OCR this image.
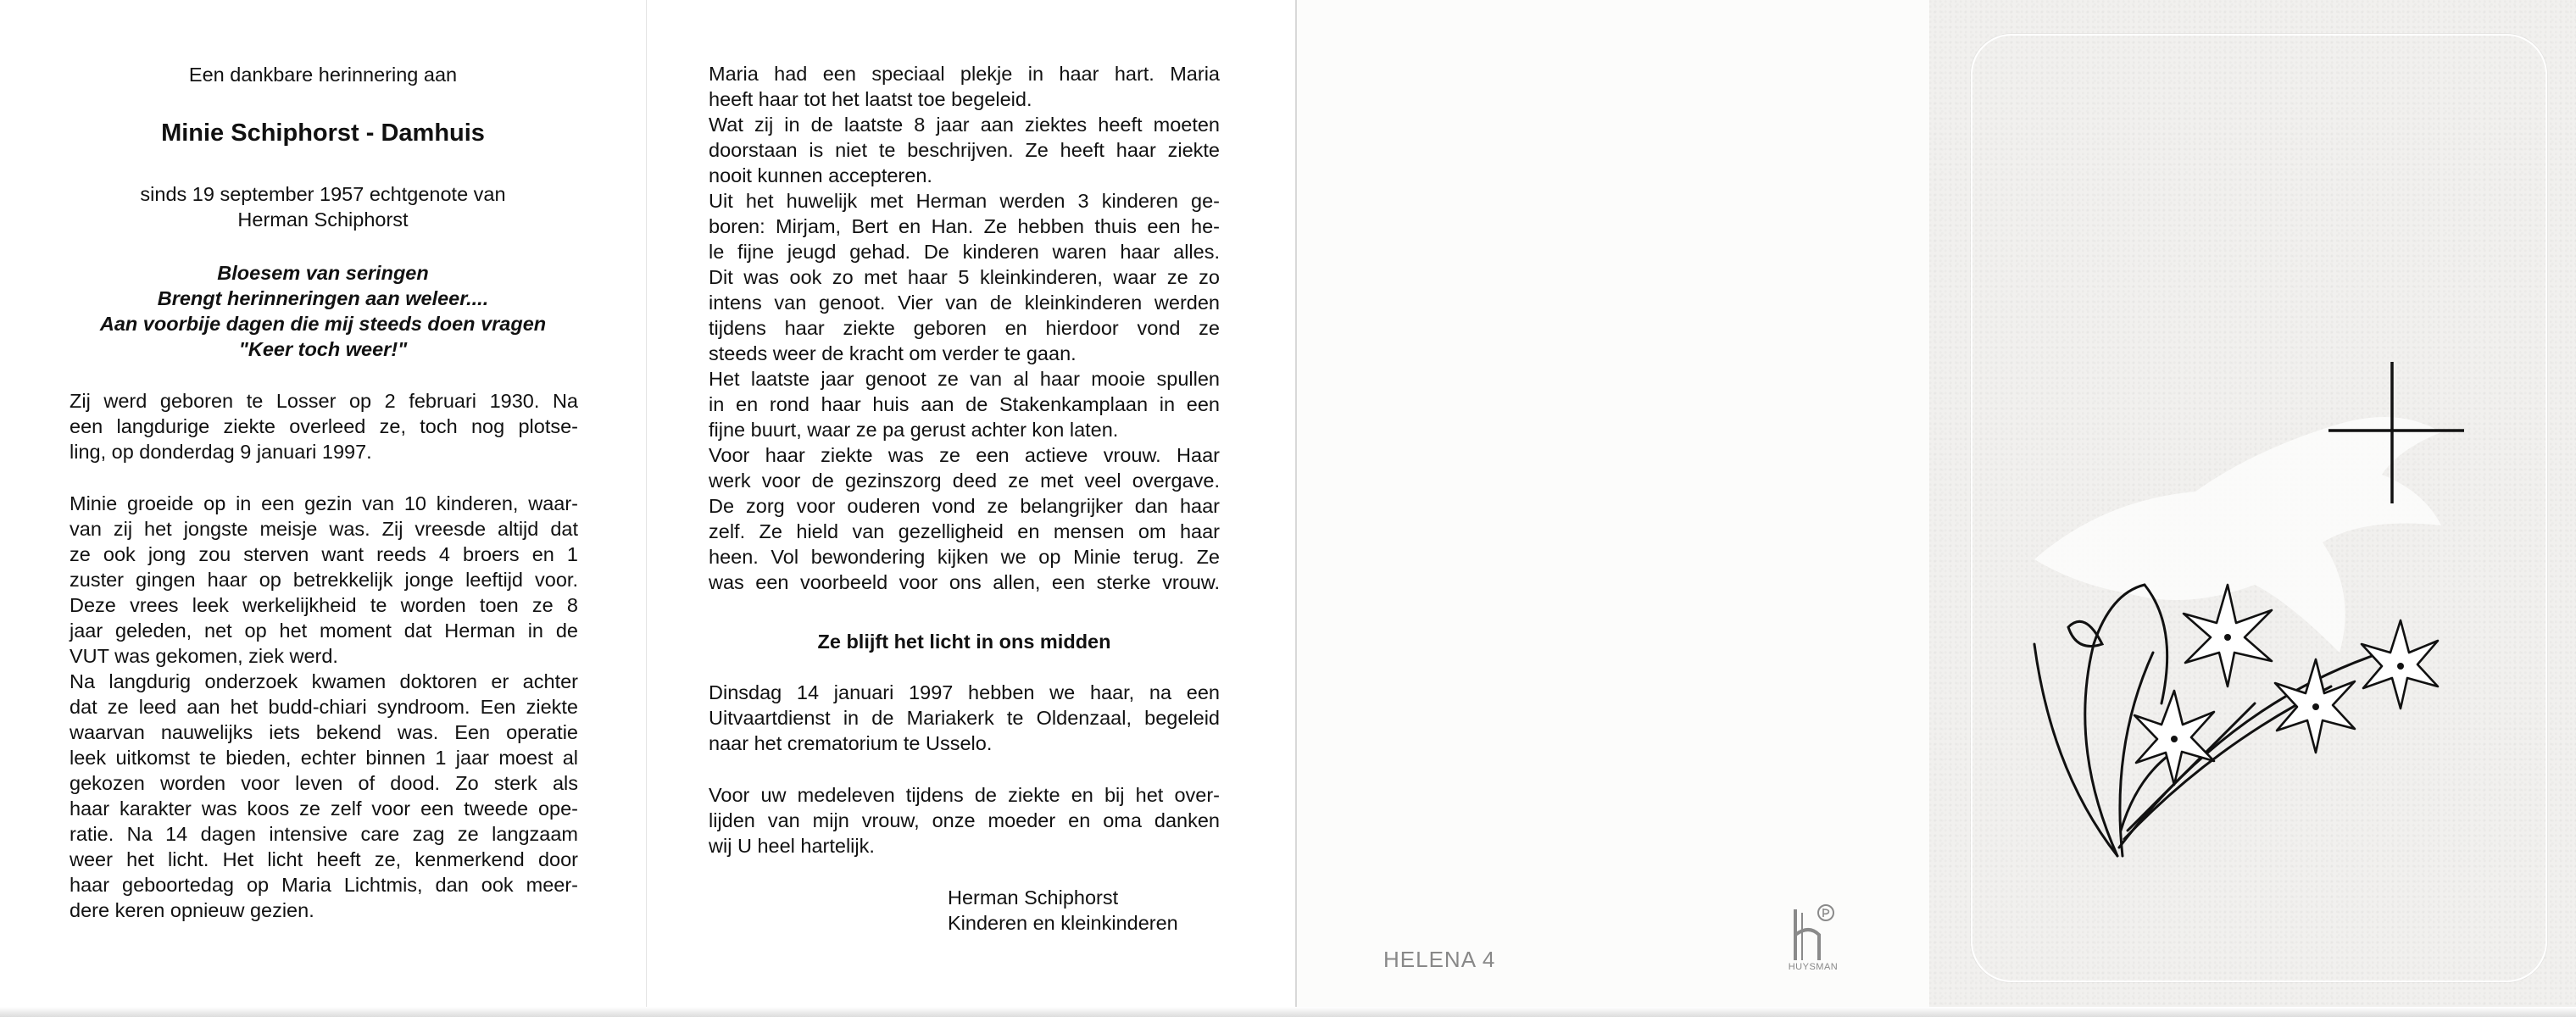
Een dankbare herinnering aan
Minie Schiphorst - Damhuis
sinds 19 september 1957 echtgenote van
Herman Schiphorst
Bloesem van seringen
Brengt herinneringen aan weleer....
Aan voorbije dagen die mij steeds doen vragen
"Keer toch weer!"
Zij werd geboren te Losser op 2 februari 1930. Na
een langdurige ziekte overleed ze, toch nog plotse-
ling, op donderdag 9 januari 1997.
Minie groeide op in een gezin van 10 kinderen, waar-
van zij het jongste meisje was. Zij vreesde altijd dat
ze ook jong zou sterven want reeds 4 broers en 1
zuster gingen haar op betrekkelijk jonge leeftijd voor.
Deze vrees leek werkelijkheid te worden toen ze 8
jaar geleden, net op het moment dat Herman in de
VUT was gekomen, ziek werd.
Na langdurig onderzoek kwamen doktoren er achter
dat ze leed aan het budd-chiari syndroom. Een ziekte
waarvan nauwelijks iets bekend was. Een operatie
leek uitkomst te bieden, echter binnen 1 jaar moest al
gekozen worden voor leven of dood. Zo sterk als
haar karakter was koos ze zelf voor een tweede ope-
ratie. Na 14 dagen intensive care zag ze langzaam
weer het licht. Het licht heeft ze, kenmerkend door
haar geboortedag op Maria Lichtmis, dan ook meer-
dere keren opnieuw gezien.
Maria had een speciaal plekje in haar hart. Maria
heeft haar tot het laatst toe begeleid.
Wat zij in de laatste 8 jaar aan ziektes heeft moeten
doorstaan is niet te beschrijven. Ze heeft haar ziekte
nooit kunnen accepteren.
Uit het huwelijk met Herman werden 3 kinderen ge-
boren: Mirjam, Bert en Han. Ze hebben thuis een he-
le fijne jeugd gehad. De kinderen waren haar alles.
Dit was ook zo met haar 5 kleinkinderen, waar ze zo
intens van genoot. Vier van de kleinkinderen werden
tijdens haar ziekte geboren en hierdoor vond ze
steeds weer de kracht om verder te gaan.
Het laatste jaar genoot ze van al haar mooie spullen
in en rond haar huis aan de Stakenkamplaan in een
fijne buurt, waar ze pa gerust achter kon laten.
Voor haar ziekte was ze een actieve vrouw. Haar
werk voor de gezinszorg deed ze met veel overgave.
De zorg voor ouderen vond ze belangrijker dan haar
zelf. Ze hield van gezelligheid en mensen om haar
heen. Vol bewondering kijken we op Minie terug. Ze
was een voorbeeld voor ons allen, een sterke vrouw.
Ze blijft het licht in ons midden
Dinsdag 14 januari 1997 hebben we haar, na een
Uitvaartdienst in de Mariakerk te Oldenzaal, begeleid
naar het crematorium te Usselo.
Voor uw medeleven tijdens de ziekte en bij het over-
lijden van mijn vrouw, onze moeder en oma danken
wij U heel hartelijk.
Herman Schiphorst
Kinderen en kleinkinderen
HELENA 4	HUYSMAN
